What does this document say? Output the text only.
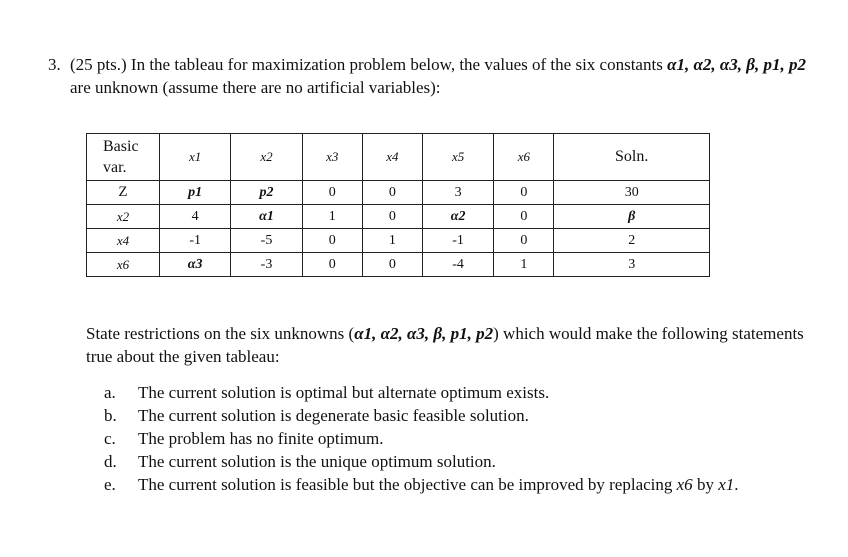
3. (25 pts.) In the tableau for maximization problem below, the values of the six constants α1, α2, α3, β, p1, p2 are unknown (assume there are no artificial variables):
Basic
var.	x1	x2	x3	x4	x5	x6	Soln.
Z	p1	p2	0	0	3	0	30
x2	4	α1	1	0	α2	0	β
x4	-1	-5	0	1	-1	0	2
x6	α3	-3	0	0	-4	1	3
State restrictions on the six unknowns (α1, α2, α3, β, p1, p2) which would make the following statements true about the given tableau:
a. The current solution is optimal but alternate optimum exists.
b. The current solution is degenerate basic feasible solution.
c. The problem has no finite optimum.
d. The current solution is the unique optimum solution.
e. The current solution is feasible but the objective can be improved by replacing x6 by x1.
